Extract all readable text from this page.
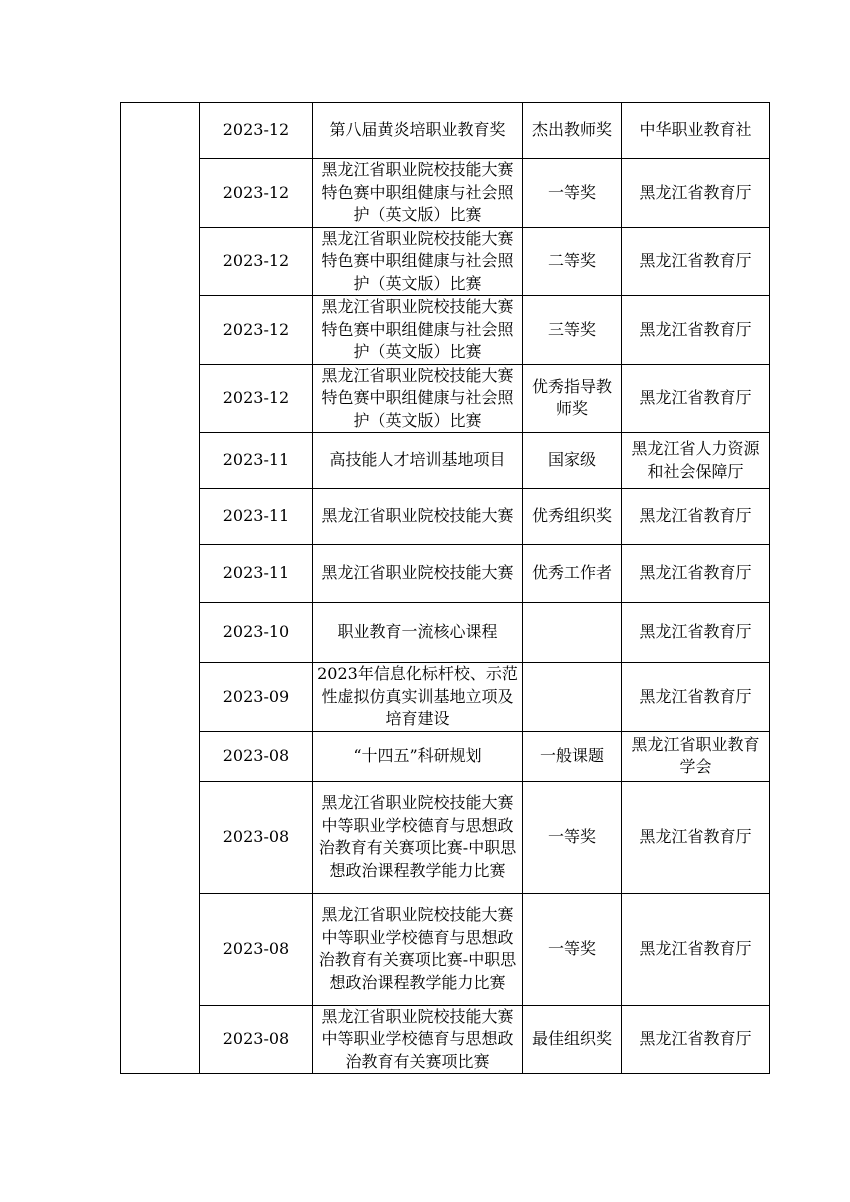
	2023-12	第八届黄炎培职业教育奖	杰出教师奖	中华职业教育社
	2023-12	黑龙江省职业院校技能大赛特色赛中职组健康与社会照护（英文版）比赛	一等奖	黑龙江省教育厅
	2023-12	黑龙江省职业院校技能大赛特色赛中职组健康与社会照护（英文版）比赛	二等奖	黑龙江省教育厅
	2023-12	黑龙江省职业院校技能大赛特色赛中职组健康与社会照护（英文版）比赛	三等奖	黑龙江省教育厅
	2023-12	黑龙江省职业院校技能大赛特色赛中职组健康与社会照护（英文版）比赛	优秀指导教师奖	黑龙江省教育厅
	2023-11	高技能人才培训基地项目	国家级	黑龙江省人力资源和社会保障厅
	2023-11	黑龙江省职业院校技能大赛	优秀组织奖	黑龙江省教育厅
	2023-11	黑龙江省职业院校技能大赛	优秀工作者	黑龙江省教育厅
	2023-10	职业教育一流核心课程		黑龙江省教育厅
	2023-09	2023年信息化标杆校、示范性虚拟仿真实训基地立项及培育建设		黑龙江省教育厅
	2023-08	“十四五”科研规划	一般课题	黑龙江省职业教育学会
	2023-08	黑龙江省职业院校技能大赛中等职业学校德育与思想政治教育有关赛项比赛-中职思想政治课程教学能力比赛	一等奖	黑龙江省教育厅
	2023-08	黑龙江省职业院校技能大赛中等职业学校德育与思想政治教育有关赛项比赛-中职思想政治课程教学能力比赛	一等奖	黑龙江省教育厅
	2023-08	黑龙江省职业院校技能大赛中等职业学校德育与思想政治教育有关赛项比赛	最佳组织奖	黑龙江省教育厅
